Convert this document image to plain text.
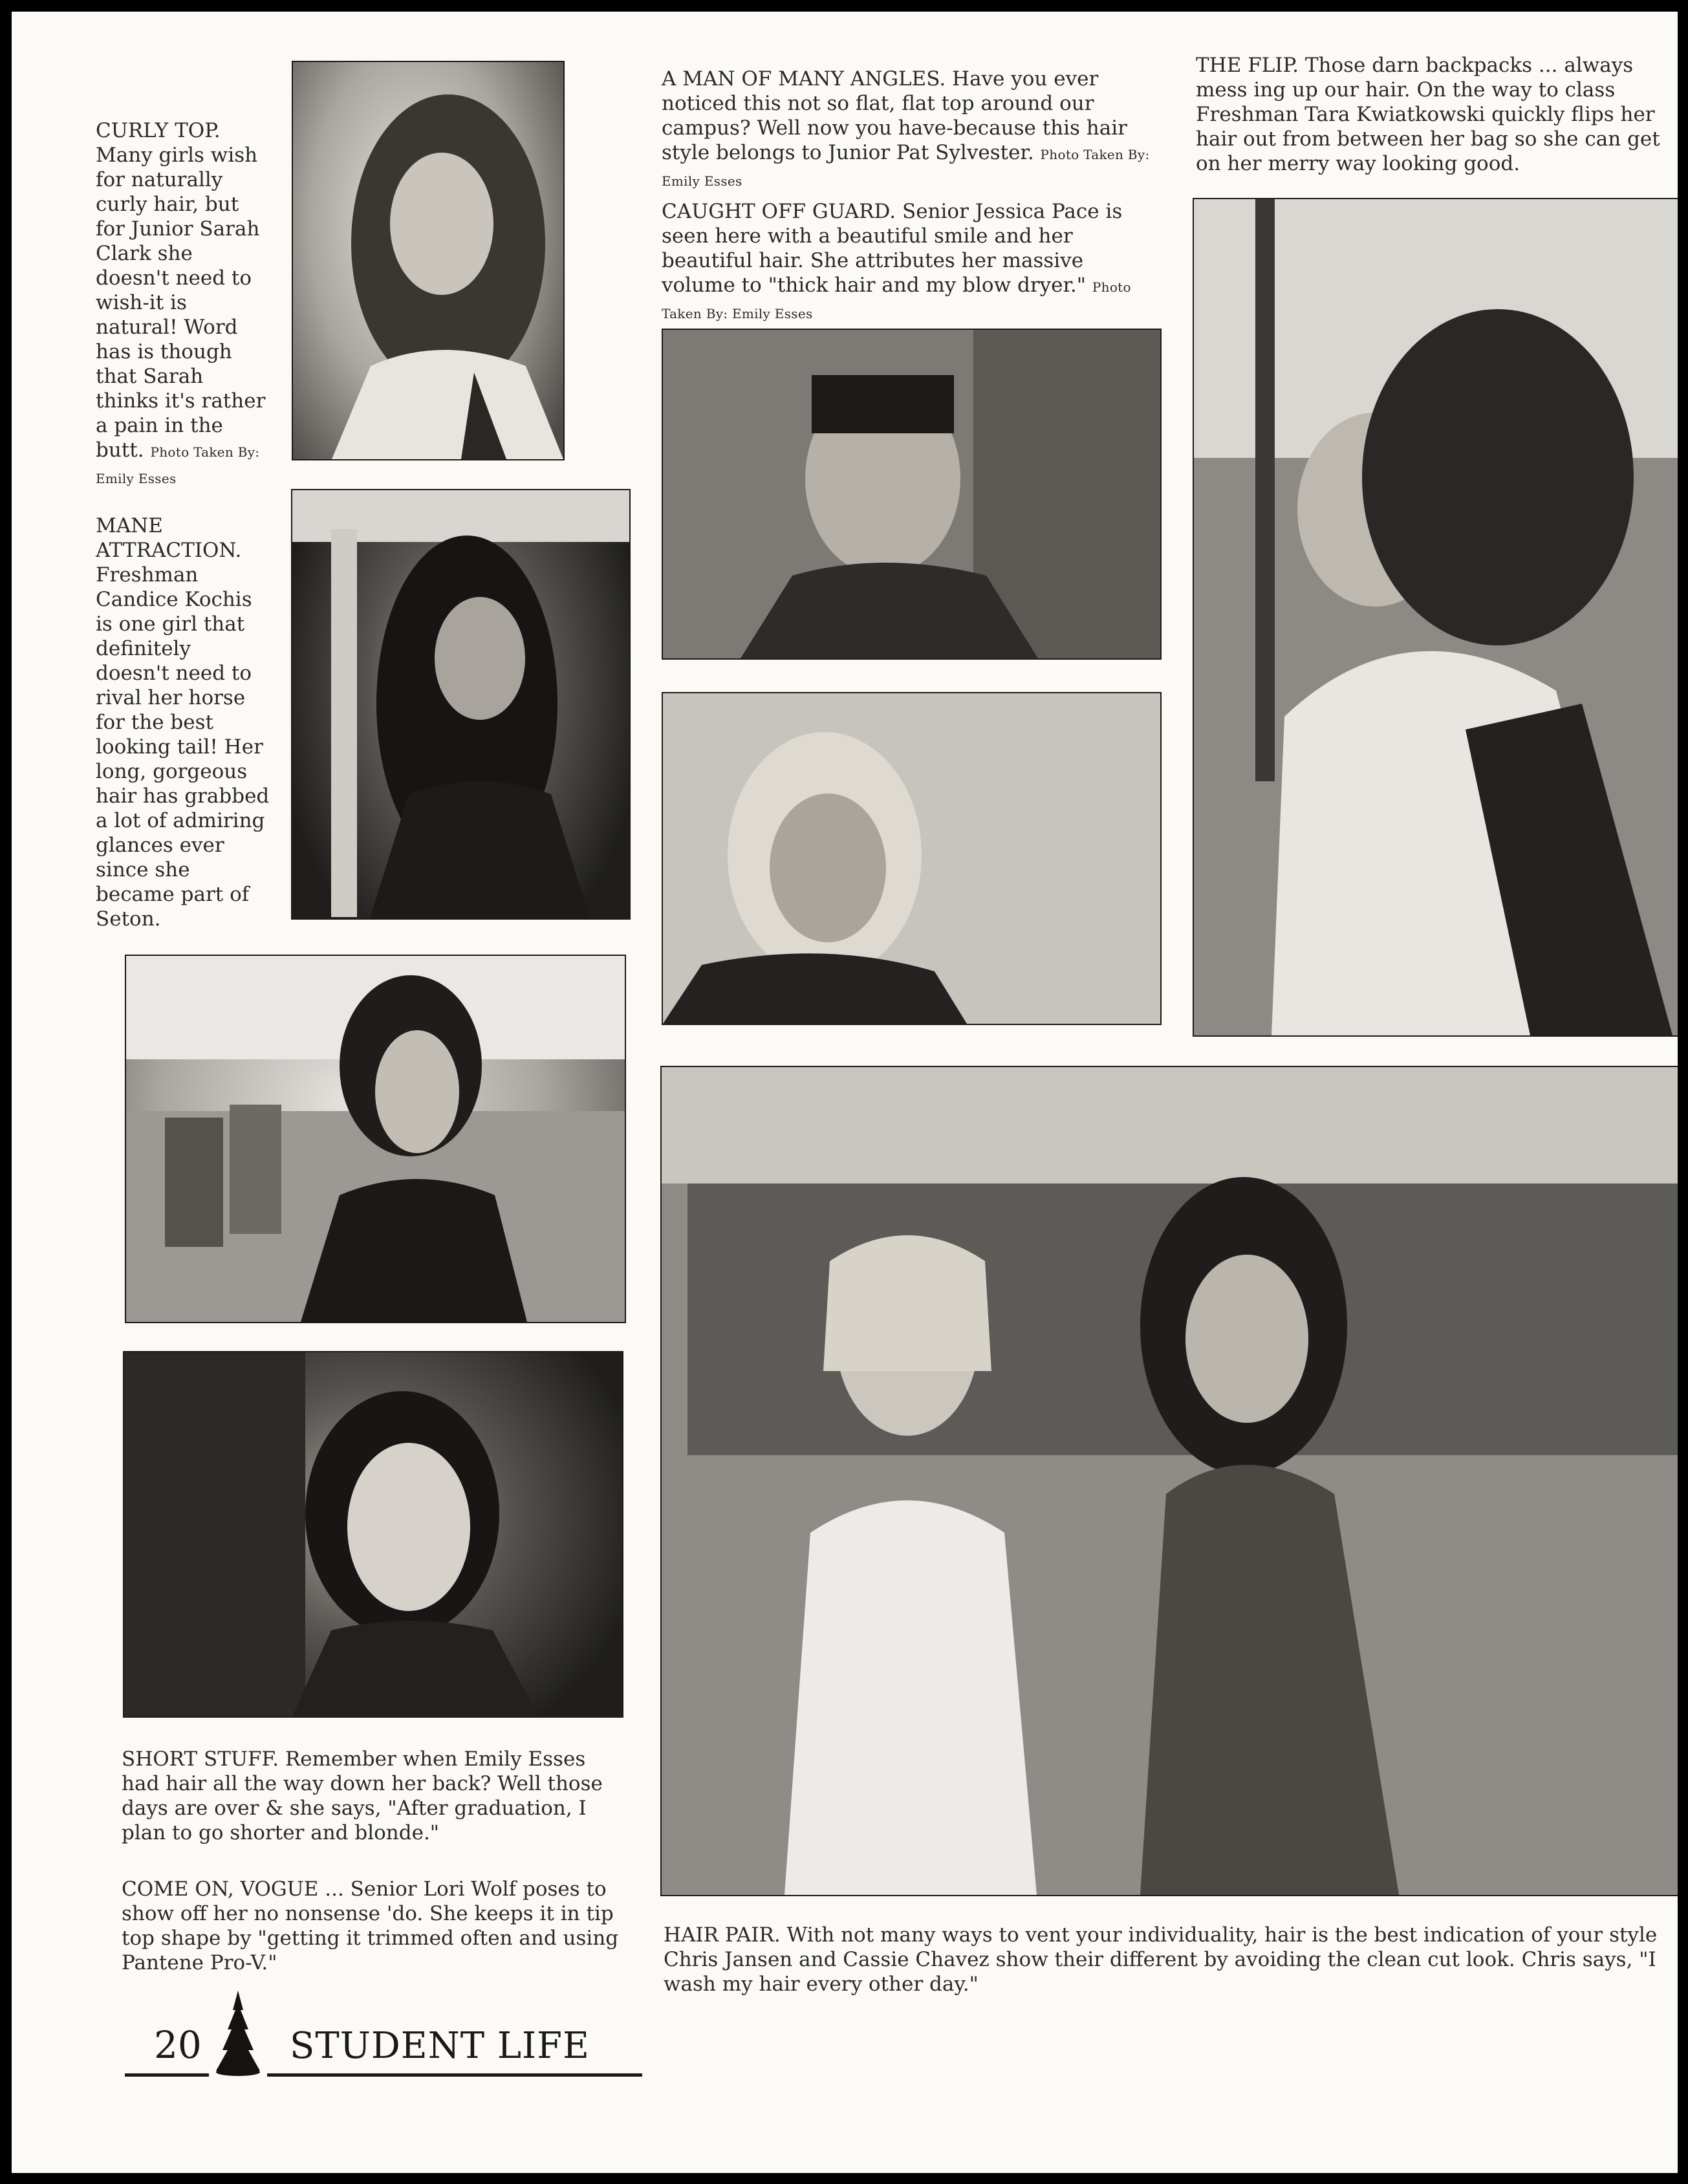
CURLY TOP. Many girls wish for naturally curly hair, but for Junior Sarah Clark she doesn't need to wish-it is natural! Word has is though that Sarah thinks it's rather a pain in the butt. Photo Taken By: Emily Esses

MANE ATTRACTION. Freshman Candice Kochis is one girl that definitely doesn't need to rival her horse for the best looking tail! Her long, gorgeous hair has grabbed a lot of admiring glances ever since she became part of Seton.

SHORT STUFF. Remember when Emily Esses had hair all the way down her back? Well those days are over & she says, "After graduation, I plan to go shorter and blonde."

COME ON, VOGUE ... Senior Lori Wolf poses to show off her no nonsense 'do. She keeps it in tip top shape by "getting it trimmed often and using Pantene Pro-V."

A MAN OF MANY ANGLES. Have you ever noticed this not so flat, flat top around our campus? Well now you have-because this hair style belongs to Junior Pat Sylvester. Photo Taken By: Emily Esses

CAUGHT OFF GUARD. Senior Jessica Pace is seen here with a beautiful smile and her beautiful hair. She attributes her massive volume to "thick hair and my blow dryer." Photo Taken By: Emily Esses

THE FLIP. Those darn backpacks ... always mess ing up our hair. On the way to class Freshman Tara Kwiatkowski quickly flips her hair out from between her bag so she can get on her merry way looking good.

HAIR PAIR. With not many ways to vent your individuality, hair is the best indication of your style Chris Jansen and Cassie Chavez show their different by avoiding the clean cut look. Chris says, "I wash my hair every other day."

20 STUDENT LIFE
